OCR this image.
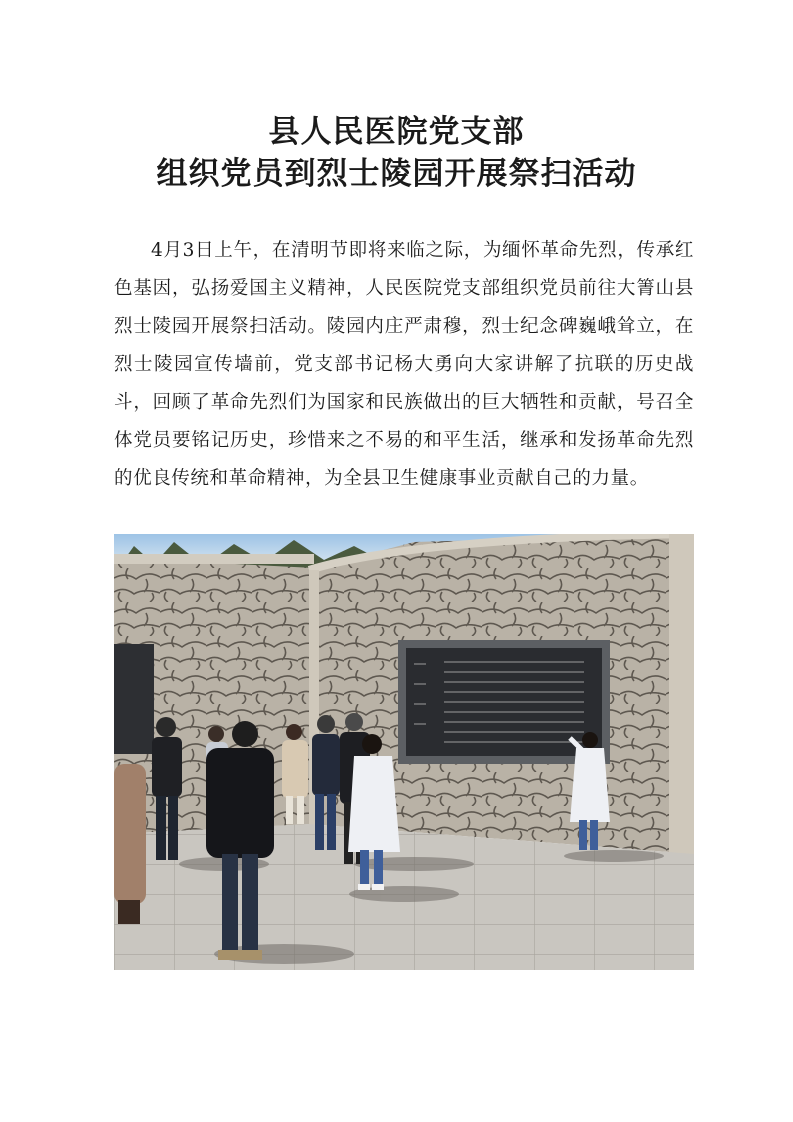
县人民医院党支部
组织党员到烈士陵园开展祭扫活动

4月3日上午，在清明节即将来临之际，为缅怀革命先烈，传承红色基因，弘扬爱国主义精神，人民医院党支部组织党员前往大箐山县烈士陵园开展祭扫活动。陵园内庄严肃穆，烈士纪念碑巍峨耸立，在烈士陵园宣传墙前，党支部书记杨大勇向大家讲解了抗联的历史战斗，回顾了革命先烈们为国家和民族做出的巨大牺牲和贡献，号召全体党员要铭记历史，珍惜来之不易的和平生活，继承和发扬革命先烈的优良传统和革命精神，为全县卫生健康事业贡献自己的力量。
